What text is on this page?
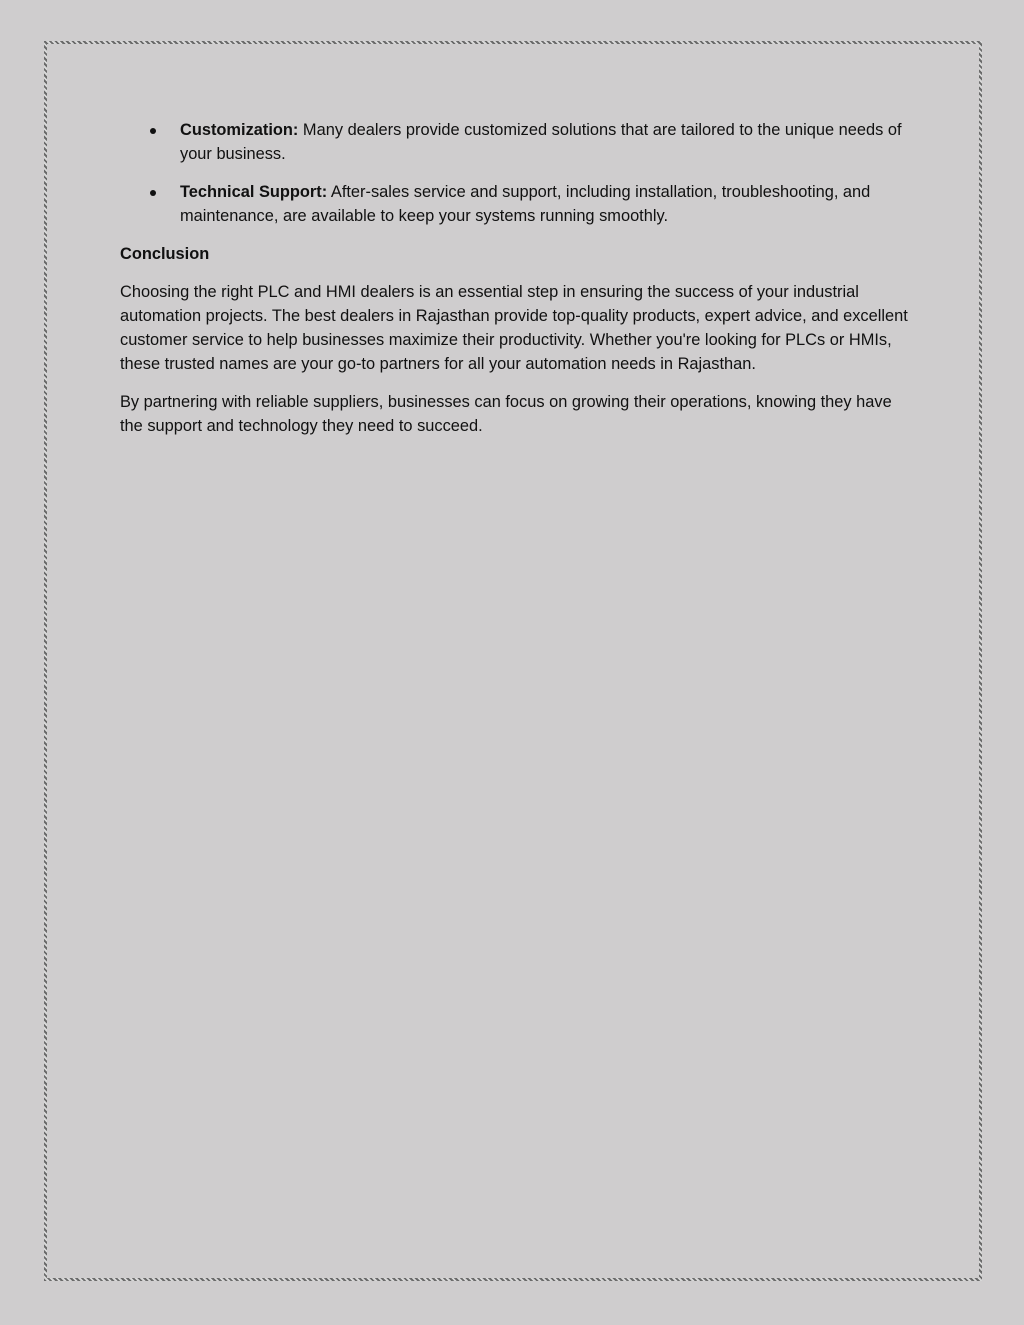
Customization: Many dealers provide customized solutions that are tailored to the unique needs of your business.
Technical Support: After-sales service and support, including installation, troubleshooting, and maintenance, are available to keep your systems running smoothly.
Conclusion

Choosing the right PLC and HMI dealers is an essential step in ensuring the success of your industrial automation projects. The best dealers in Rajasthan provide top-quality products, expert advice, and excellent customer service to help businesses maximize their productivity. Whether you're looking for PLCs or HMIs, these trusted names are your go-to partners for all your automation needs in Rajasthan.

By partnering with reliable suppliers, businesses can focus on growing their operations, knowing they have the support and technology they need to succeed.
